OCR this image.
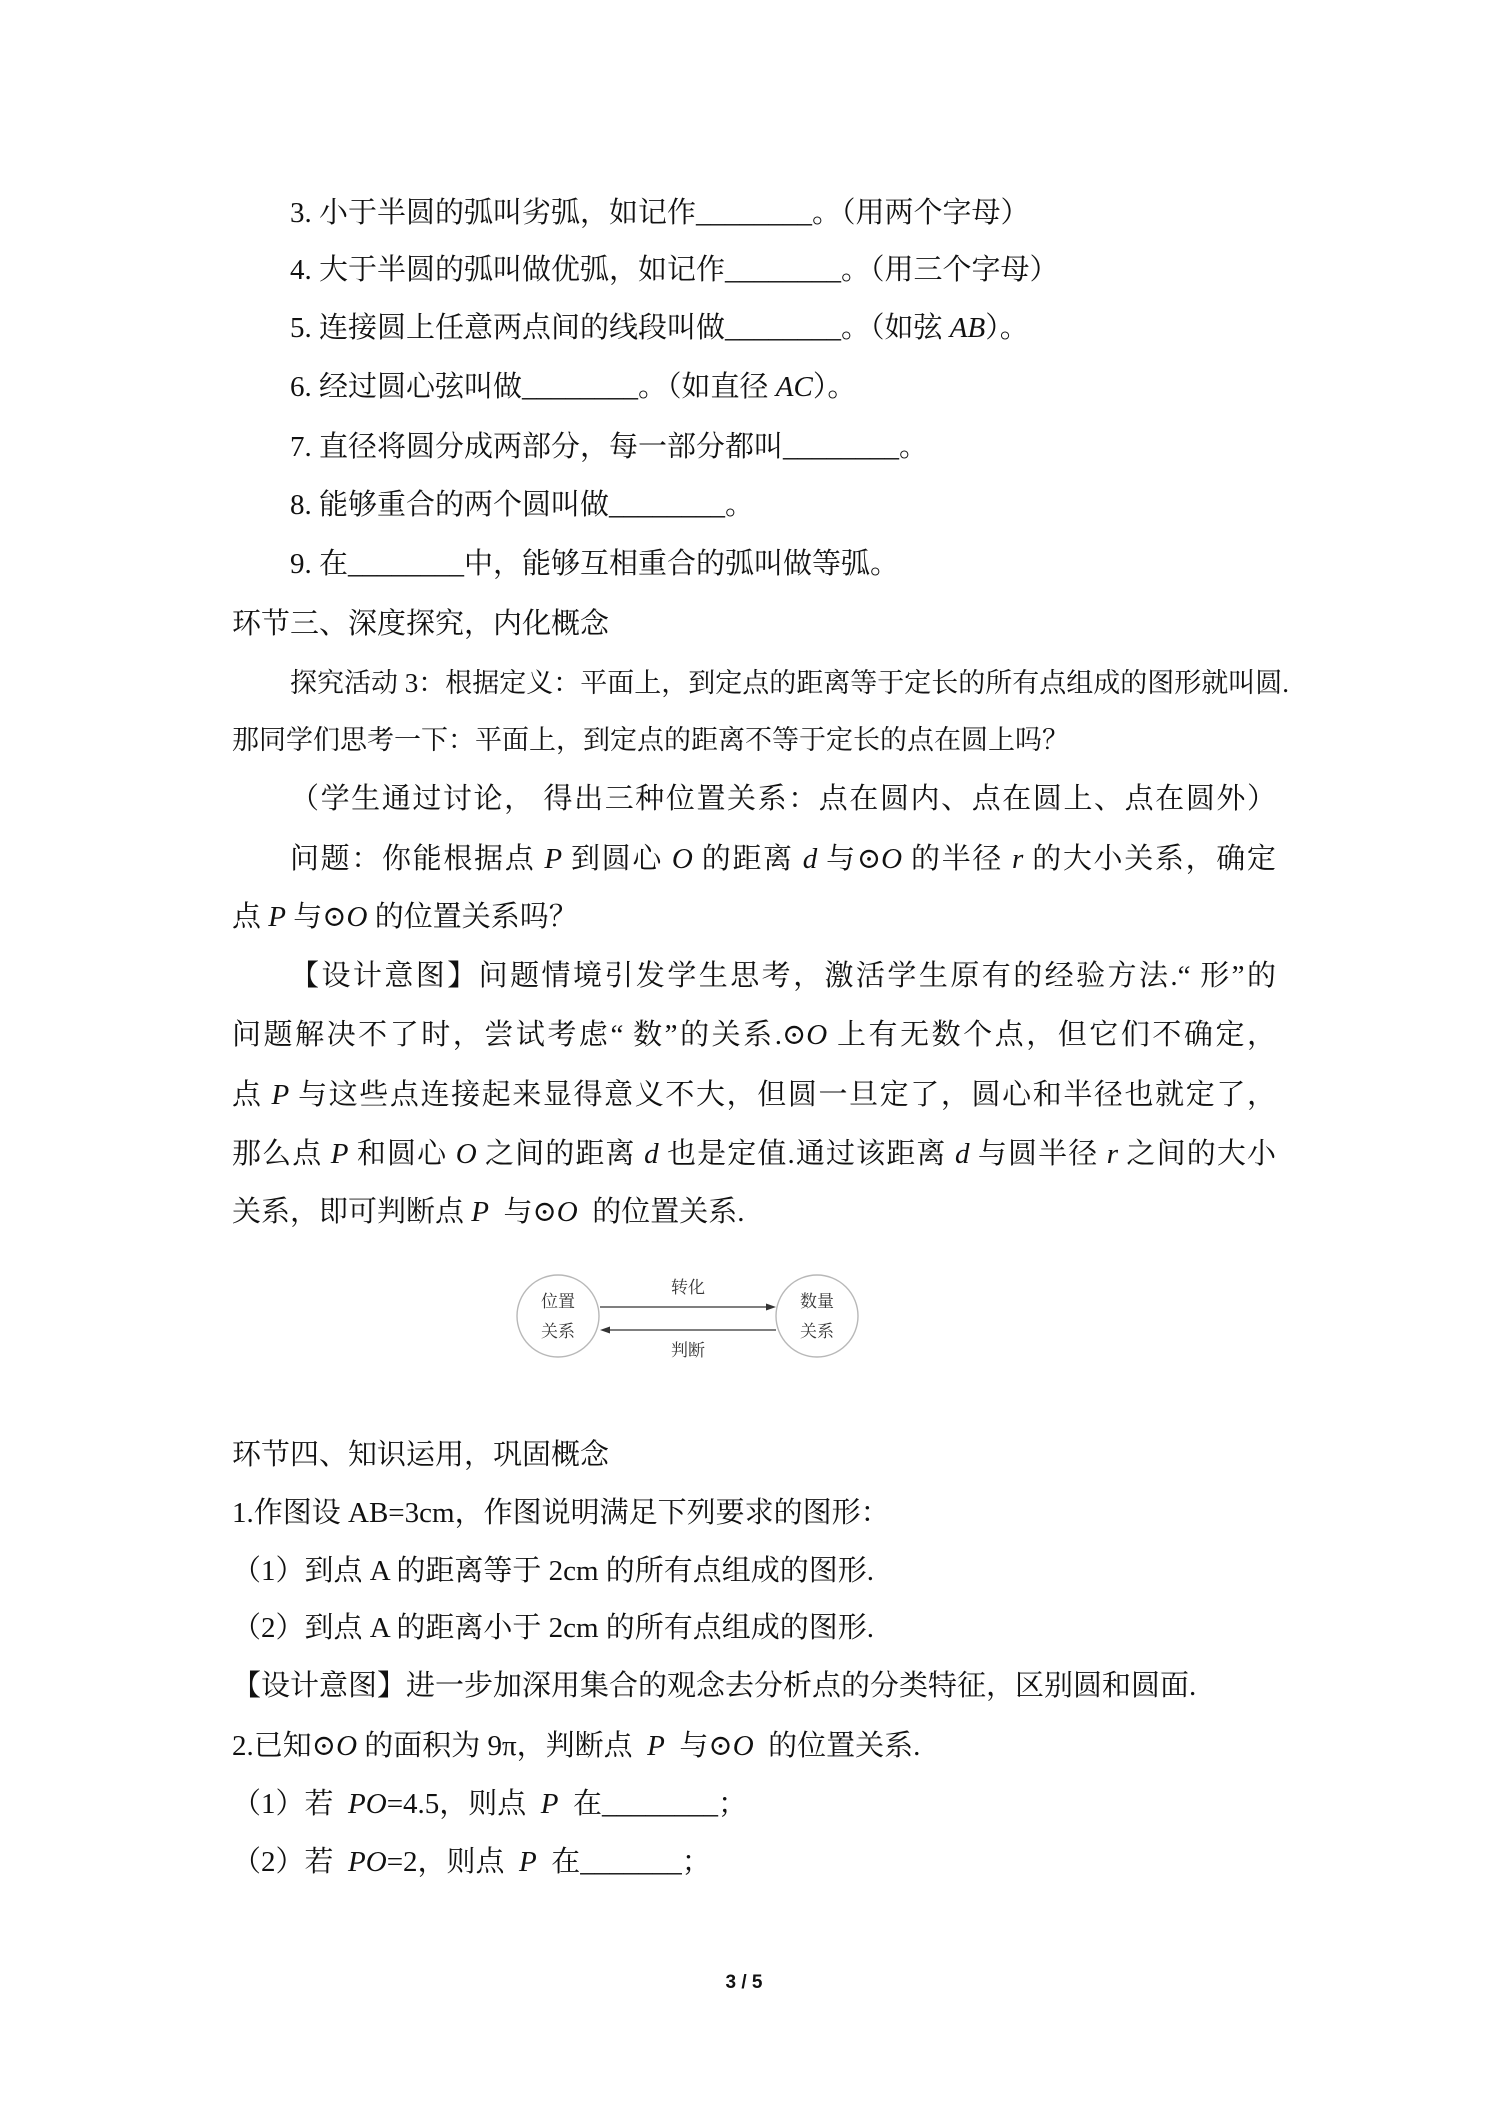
3. 小于半圆的弧叫劣弧，如记作________。（用两个字母）
4. 大于半圆的弧叫做优弧，如记作________。（用三个字母）
5. 连接圆上任意两点间的线段叫做________。（如弦 AB）。
6. 经过圆心弦叫做________。（如直径 AC）。
7. 直径将圆分成两部分，每一部分都叫________。
8. 能够重合的两个圆叫做________。
9. 在________中，能够互相重合的弧叫做等弧。
环节三、深度探究，内化概念
探究活动 3：根据定义：平面上，到定点的距离等于定长的所有点组成的图形就叫圆.
那同学们思考一下：平面上，到定点的距离不等于定长的点在圆上吗？
（学生通过讨论， 得出三种位置关系：点在圆内、点在圆上、点在圆外）
问题：你能根据点 P 到圆心 O 的距离 d 与⊙O 的半径 r 的大小关系，确定
点 P 与⊙O 的位置关系吗？
【设计意图】问题情境引发学生思考，激活学生原有的经验方法.“ 形”的
问题解决不了时，尝试考虑“ 数”的关系.⊙O 上有无数个点，但它们不确定，
点 P 与这些点连接起来显得意义不大，但圆一旦定了，圆心和半径也就定了，
那么点 P 和圆心 O 之间的距离 d 也是定值.通过该距离 d 与圆半径 r 之间的大小
关系，即可判断点 P  与⊙O  的位置关系.
位置
关系
数量
关系
转化
判断
环节四、知识运用，巩固概念
1.作图设 AB=3cm，作图说明满足下列要求的图形：
（1）到点 A 的距离等于 2cm 的所有点组成的图形.
（2）到点 A 的距离小于 2cm 的所有点组成的图形.
【设计意图】进一步加深用集合的观念去分析点的分类特征，区别圆和圆面.
2.已知⊙O 的面积为 9π，判断点  P  与⊙O  的位置关系.
（1）若  PO=4.5，则点  P  在________；
（2）若  PO=2，则点  P  在_______；
3 / 5
